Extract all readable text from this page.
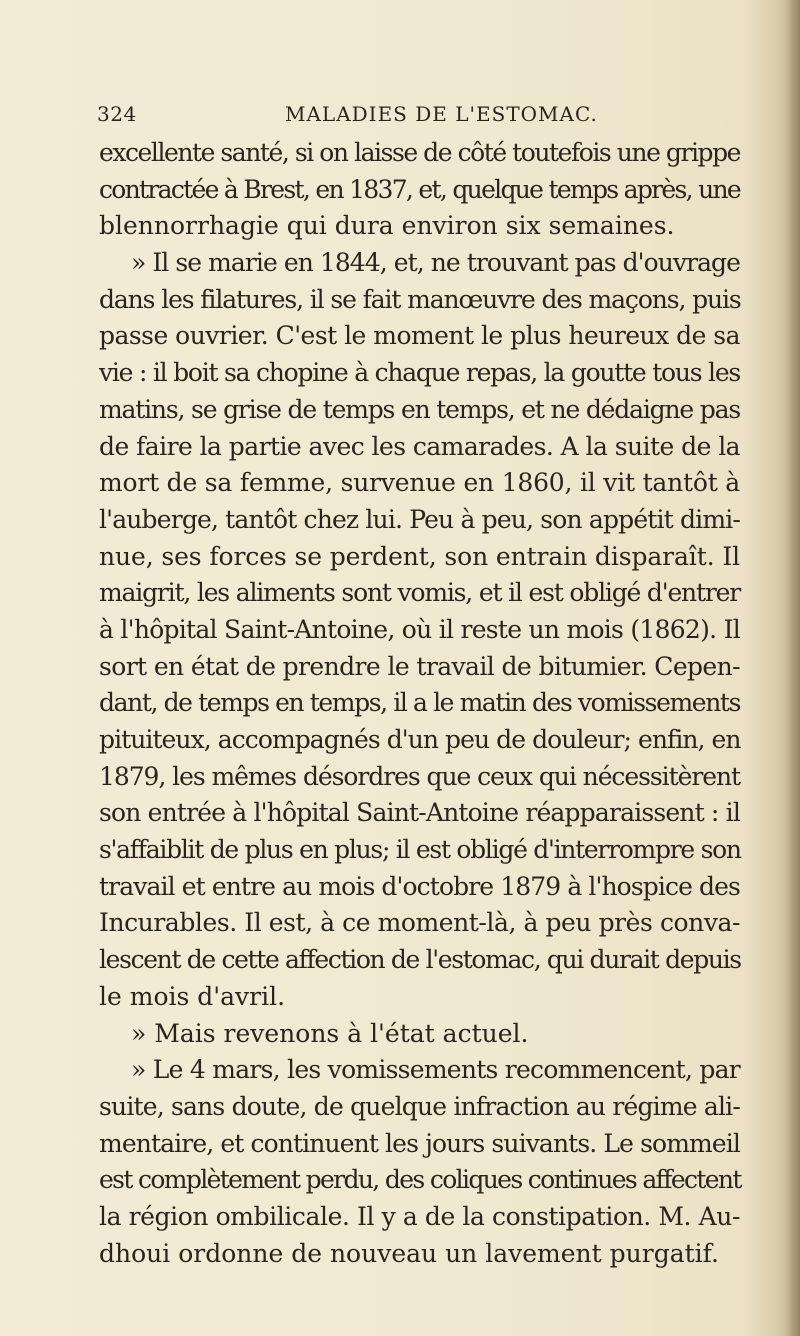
324	MALADIES DE L'ESTOMAC.
excellente santé, si on laisse de côté toutefois une grippe
contractée à Brest, en 1837, et, quelque temps après, une
blennorrhagie qui dura environ six semaines.
» Il se marie en 1844, et, ne trouvant pas d'ouvrage
dans les filatures, il se fait manœuvre des maçons, puis
passe ouvrier. C'est le moment le plus heureux de sa
vie : il boit sa chopine à chaque repas, la goutte tous les
matins, se grise de temps en temps, et ne dédaigne pas
de faire la partie avec les camarades. A la suite de la
mort de sa femme, survenue en 1860, il vit tantôt à
l'auberge, tantôt chez lui. Peu à peu, son appétit dimi-
nue, ses forces se perdent, son entrain disparaît. Il
maigrit, les aliments sont vomis, et il est obligé d'entrer
à l'hôpital Saint-Antoine, où il reste un mois (1862). Il
sort en état de prendre le travail de bitumier. Cepen-
dant, de temps en temps, il a le matin des vomissements
pituiteux, accompagnés d'un peu de douleur; enfin, en
1879, les mêmes désordres que ceux qui nécessitèrent
son entrée à l'hôpital Saint-Antoine réapparaissent : il
s'affaiblit de plus en plus; il est obligé d'interrompre son
travail et entre au mois d'octobre 1879 à l'hospice des
Incurables. Il est, à ce moment-là, à peu près conva-
lescent de cette affection de l'estomac, qui durait depuis
le mois d'avril.
» Mais revenons à l'état actuel.
» Le 4 mars, les vomissements recommencent, par
suite, sans doute, de quelque infraction au régime ali-
mentaire, et continuent les jours suivants. Le sommeil
est complètement perdu, des coliques continues affectent
la région ombilicale. Il y a de la constipation. M. Au-
dhoui ordonne de nouveau un lavement purgatif.
